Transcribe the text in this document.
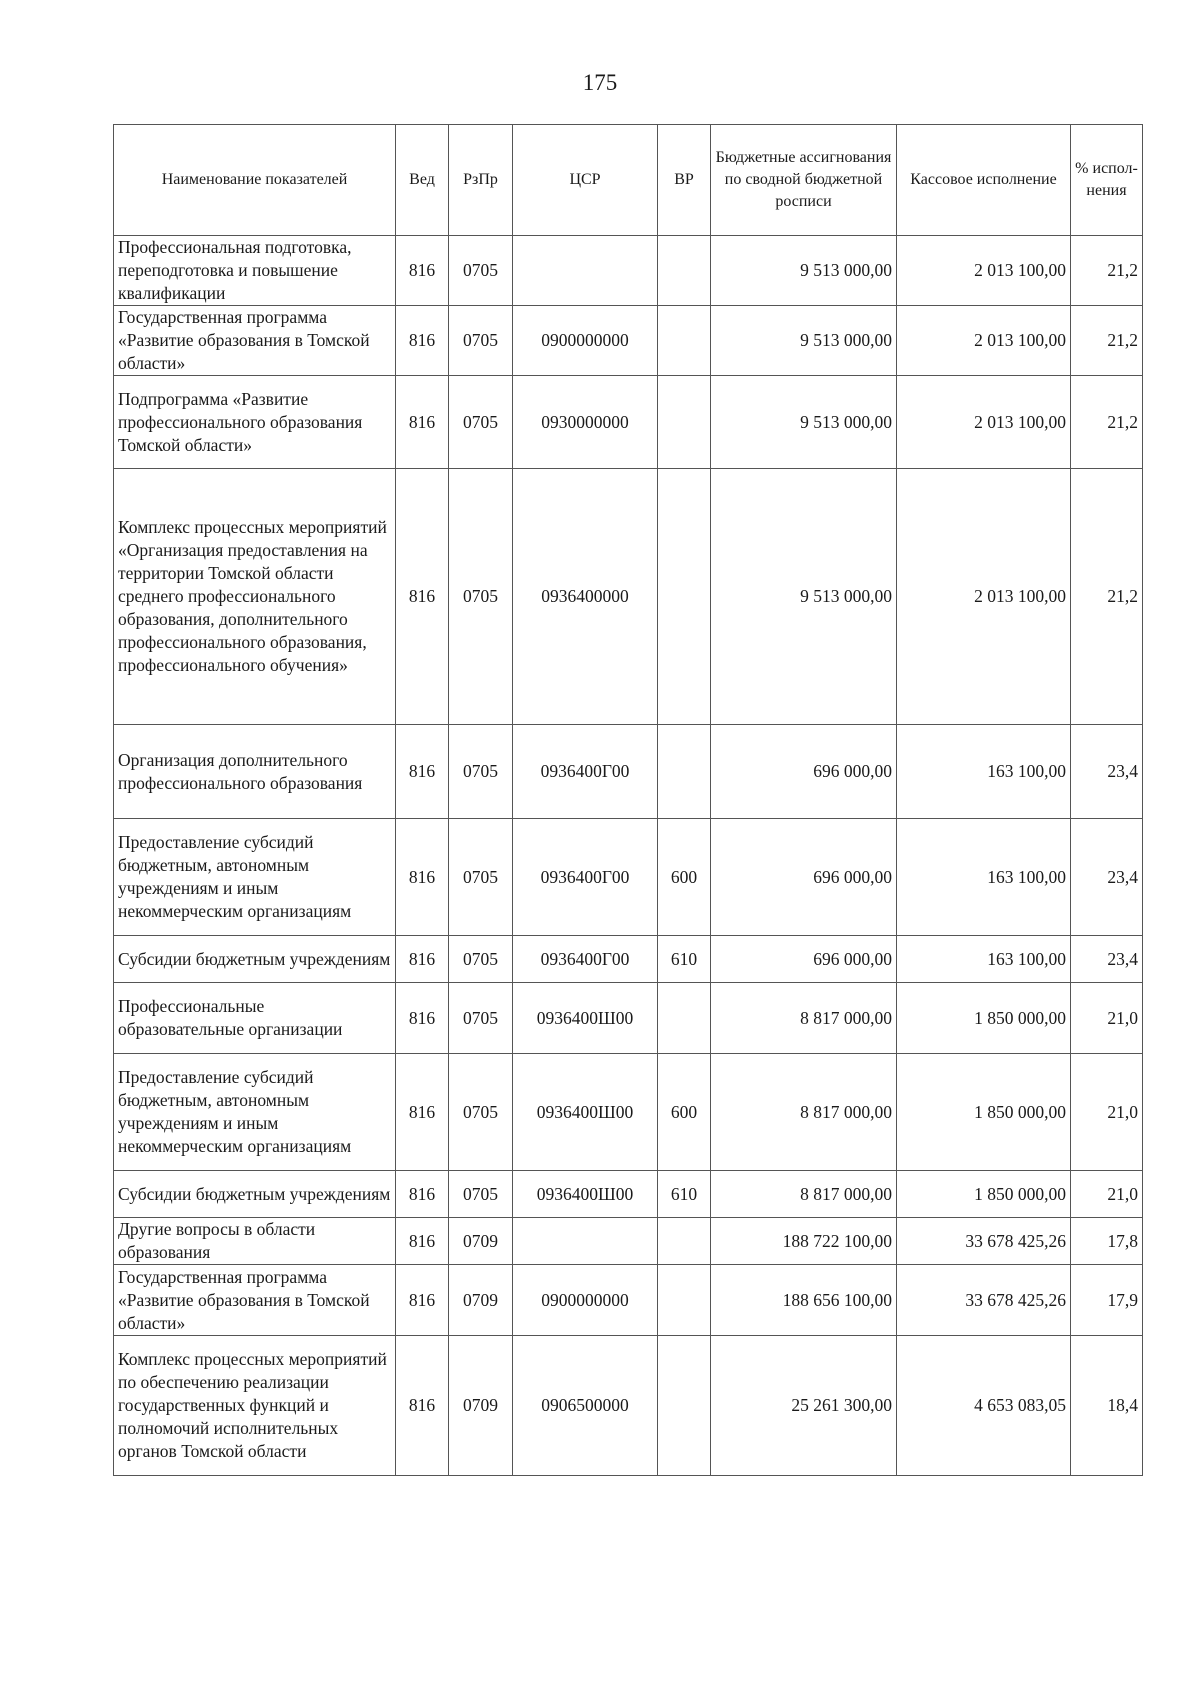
175
Наименование показателей	Вед	РзПр	ЦСР	ВР	Бюджетные ассигнования по сводной бюджетной росписи	Кассовое исполнение	% испол-нения
Профессиональная подготовка, переподготовка и повышение квалификации	816	0705			9 513 000,00	2 013 100,00	21,2
Государственная программа «Развитие образования в Томской области»	816	0705	0900000000		9 513 000,00	2 013 100,00	21,2
Подпрограмма «Развитие профессионального образования Томской области»	816	0705	0930000000		9 513 000,00	2 013 100,00	21,2
Комплекс процессных мероприятий «Организация предоставления на территории Томской области среднего профессионального образования, дополнительного профессионального образования, профессионального обучения»	816	0705	0936400000		9 513 000,00	2 013 100,00	21,2
Организация дополнительного профессионального образования	816	0705	0936400Г00		696 000,00	163 100,00	23,4
Предоставление субсидий бюджетным, автономным учреждениям и иным некоммерческим организациям	816	0705	0936400Г00	600	696 000,00	163 100,00	23,4
Субсидии бюджетным учреждениям	816	0705	0936400Г00	610	696 000,00	163 100,00	23,4
Профессиональные образовательные организации	816	0705	0936400Ш00		8 817 000,00	1 850 000,00	21,0
Предоставление субсидий бюджетным, автономным учреждениям и иным некоммерческим организациям	816	0705	0936400Ш00	600	8 817 000,00	1 850 000,00	21,0
Субсидии бюджетным учреждениям	816	0705	0936400Ш00	610	8 817 000,00	1 850 000,00	21,0
Другие вопросы в области образования	816	0709			188 722 100,00	33 678 425,26	17,8
Государственная программа «Развитие образования в Томской области»	816	0709	0900000000		188 656 100,00	33 678 425,26	17,9
Комплекс процессных мероприятий по обеспечению реализации государственных функций и полномочий исполнительных органов Томской области	816	0709	0906500000		25 261 300,00	4 653 083,05	18,4
